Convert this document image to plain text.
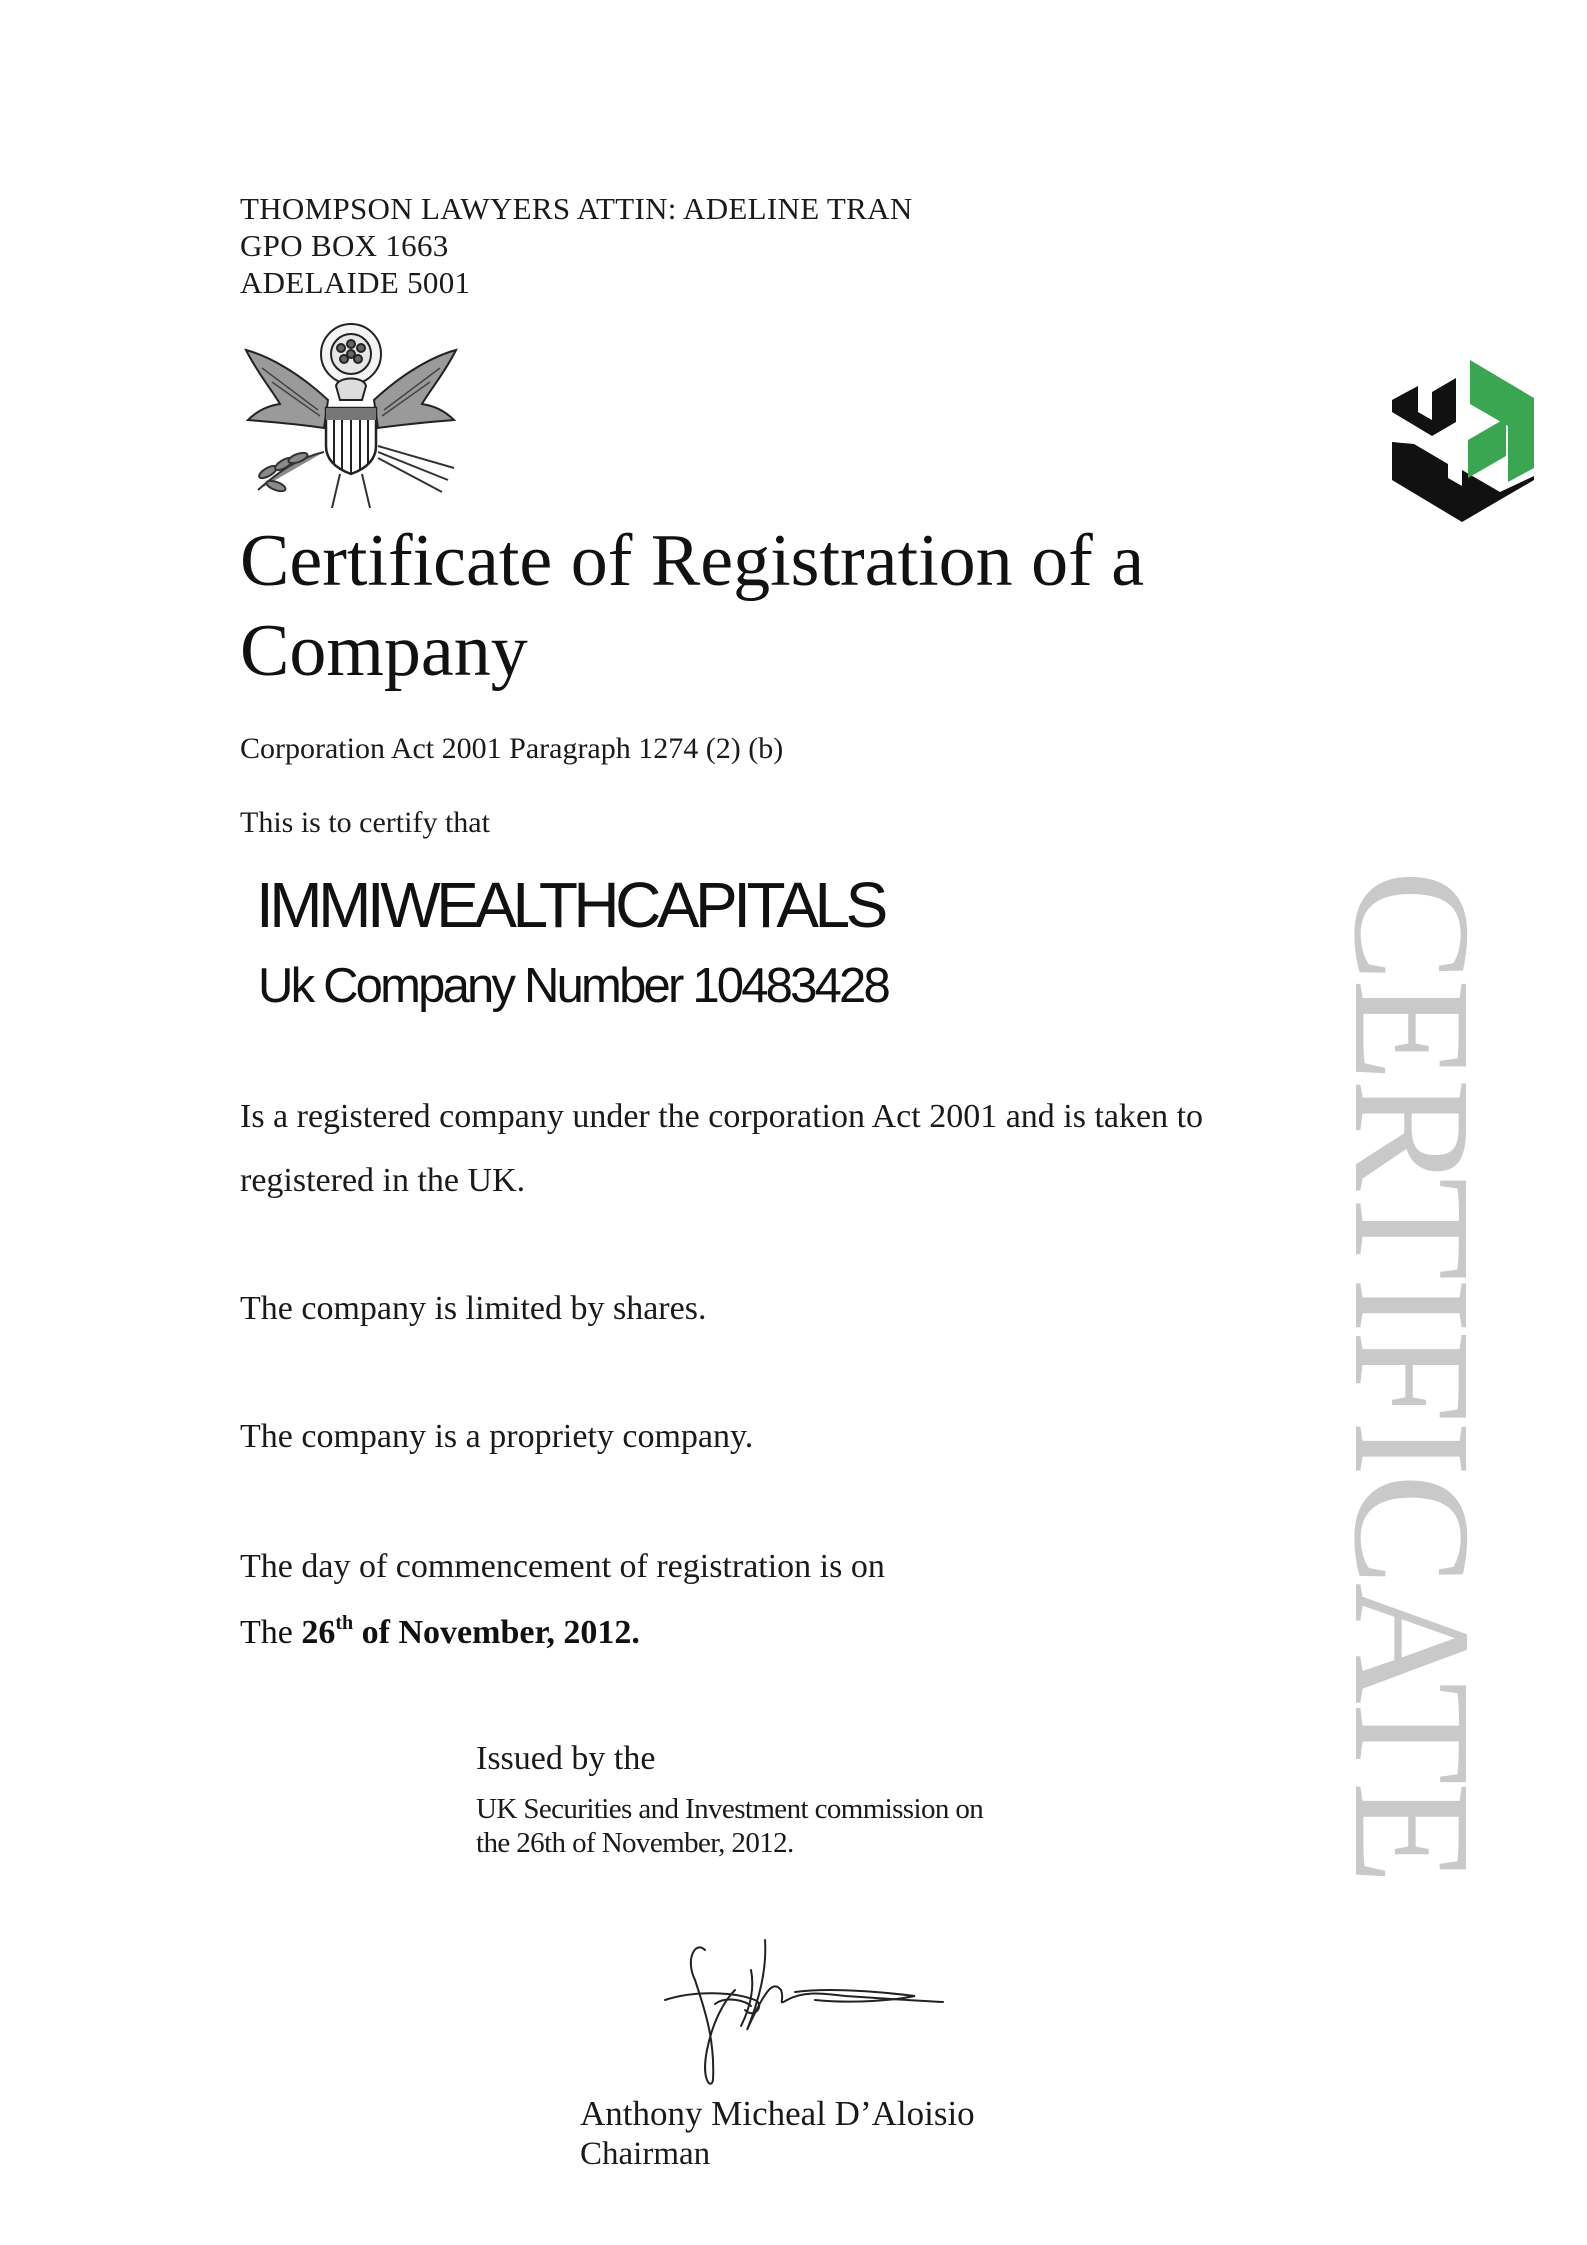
THOMPSON LAWYERS ATTIN: ADELINE TRAN
GPO BOX 1663
ADELAIDE 5001
Certificate of Registration of a Company
Corporation Act 2001 Paragraph 1274 (2) (b)
This is to certify that
IMMIWEALTHCAPITALS
Uk Company Number 10483428
Is a registered company under the corporation Act 2001 and is taken to
registered in the UK.
The company is limited by shares.
The company is a propriety company.
The day of commencement of registration is on
The 26th of November, 2012.
Issued by the
UK Securities and Investment commission on
the 26th of November, 2012.
Anthony Micheal D’Aloisio
Chairman
CERTIFICATE
